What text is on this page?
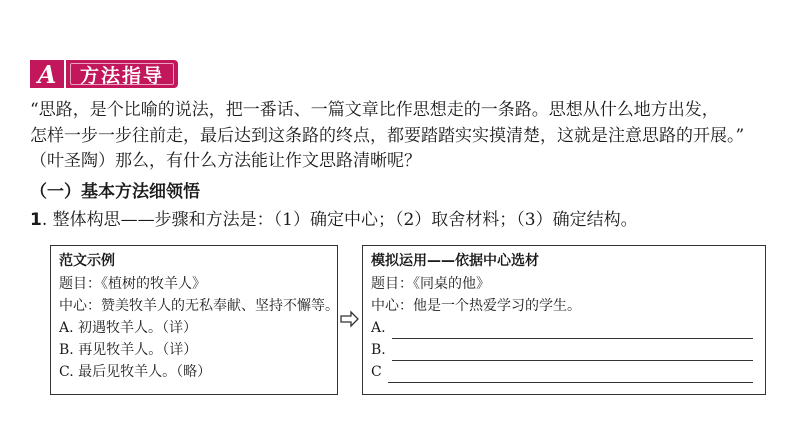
A	方法指导
“思路，是个比喻的说法，把一番话、一篇文章比作思想走的一条路。思想从什么地方出发，
怎样一步一步往前走，最后达到这条路的终点，都要踏踏实实摸清楚，这就是注意思路的开展。”
（叶圣陶）那么，有什么方法能让作文思路清晰呢？
（一）基本方法细领悟
1. 整体构思——步骤和方法是：（1）确定中心；（2）取舍材料；（3）确定结构。
范文示例
题目：《植树的牧羊人》
中心：赞美牧羊人的无私奉献、坚持不懈等。
A. 初遇牧羊人。（详）
B. 再见牧羊人。（详）
C. 最后见牧羊人。（略）
模拟运用——依据中心选材
题目：《同桌的他》
中心：他是一个热爱学习的学生。
A.
B.
C
